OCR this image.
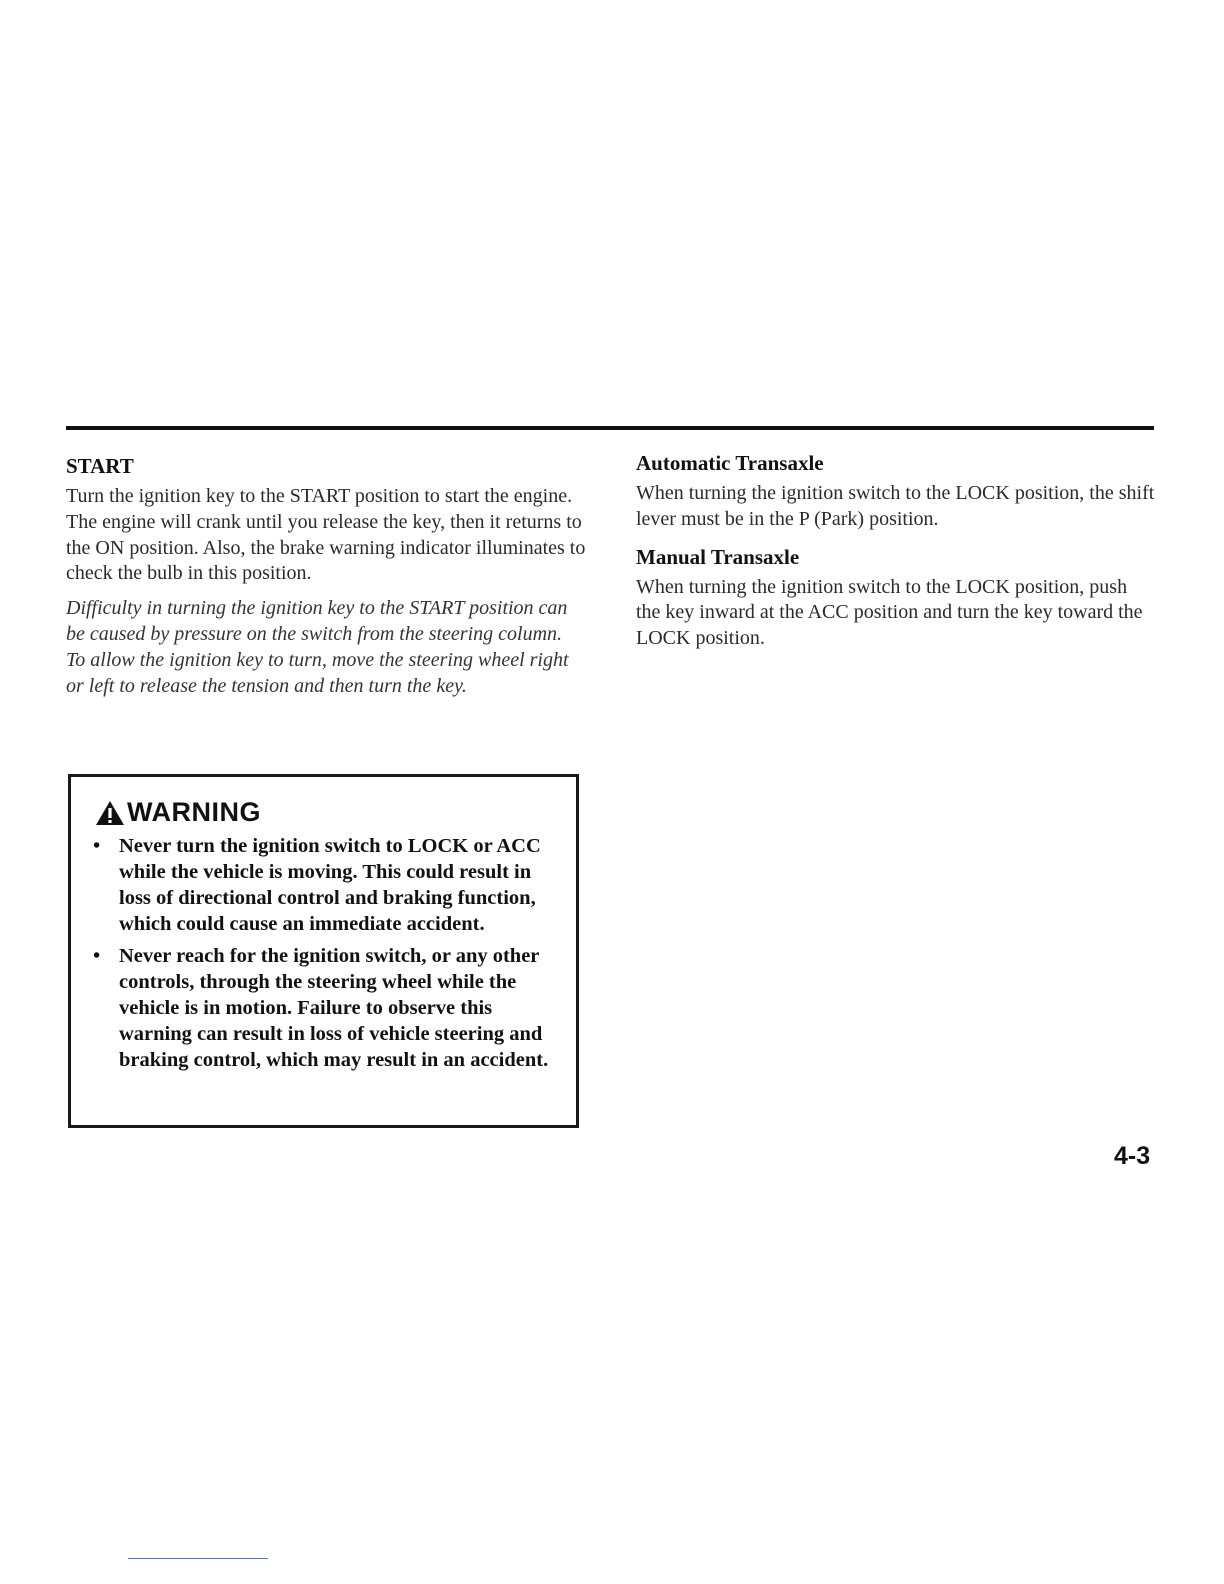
START

Turn the ignition key to the START position to start the engine. The engine will crank until you release the key, then it returns to the ON position. Also, the brake warning indicator illuminates to check the bulb in this position.

Difficulty in turning the ignition key to the START position can be caused by pressure on the switch from the steering column. To allow the ignition key to turn, move the steering wheel right or left to release the tension and then turn the key.

WARNING
• Never turn the ignition switch to LOCK or ACC while the vehicle is moving. This could result in loss of directional control and braking function, which could cause an immediate accident.
• Never reach for the ignition switch, or any other controls, through the steering wheel while the vehicle is in motion. Failure to observe this warning can result in loss of vehicle steering and braking control, which may result in an accident.
Automatic Transaxle

When turning the ignition switch to the LOCK position, the shift lever must be in the P (Park) position.

Manual Transaxle

When turning the ignition switch to the LOCK position, push the key inward at the ACC position and turn the key toward the LOCK position.

4-3
